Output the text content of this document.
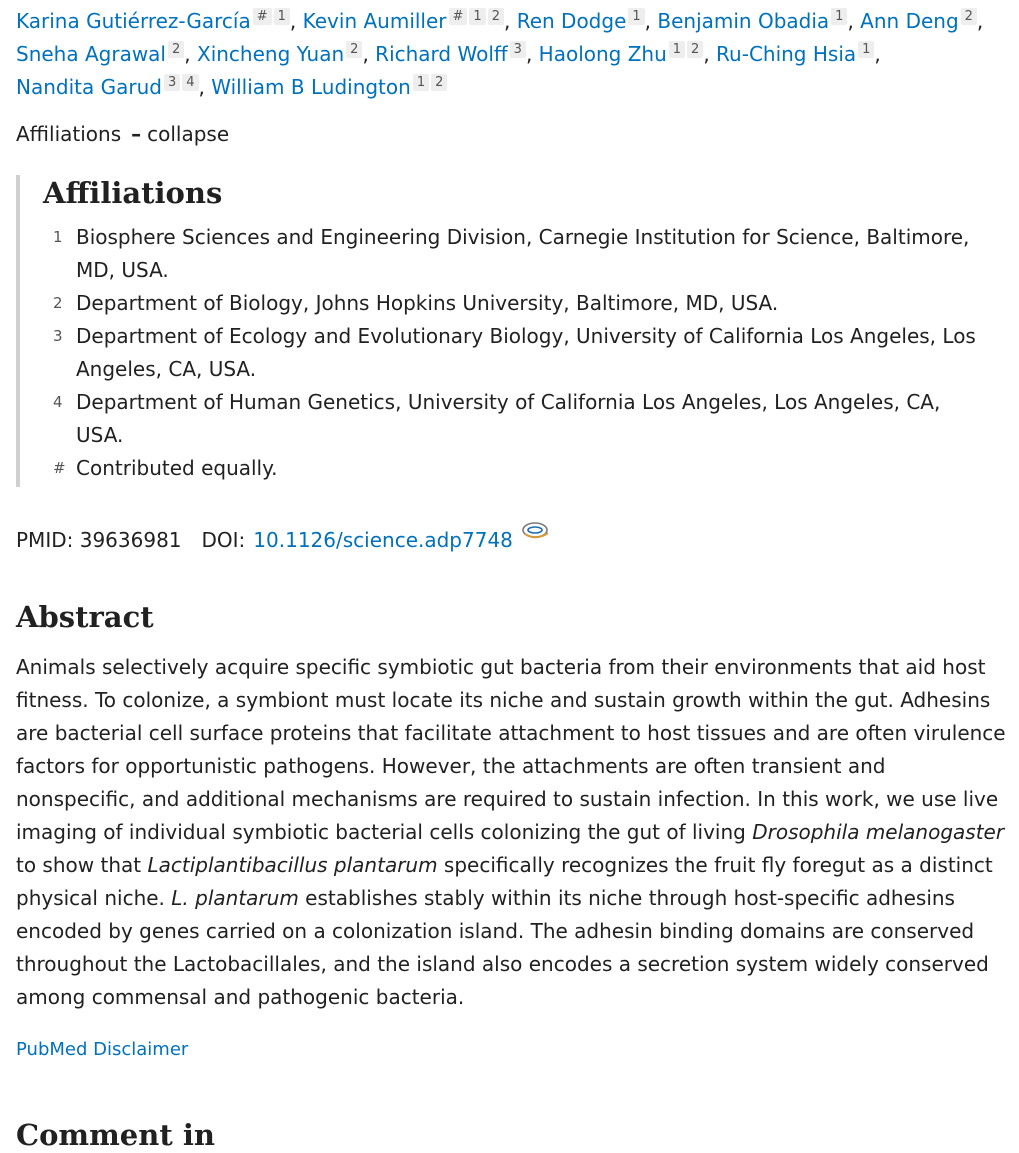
Karina Gutiérrez-García # 1 , Kevin Aumiller # 1 2 , Ren Dodge 1 , Benjamin Obadia 1 , Ann Deng 2 ,
Sneha Agrawal 2 , Xincheng Yuan 2 , Richard Wolff 3 , Haolong Zhu 1 2 , Ru-Ching Hsia 1 ,
Nandita Garud 3 4 , William B Ludington 1 2
Affiliations – collapse
Affiliations
1 Biosphere Sciences and Engineering Division, Carnegie Institution for Science, Baltimore, MD, USA.
2 Department of Biology, Johns Hopkins University, Baltimore, MD, USA.
3 Department of Ecology and Evolutionary Biology, University of California Los Angeles, Los Angeles, CA, USA.
4 Department of Human Genetics, University of California Los Angeles, Los Angeles, CA, USA.
# Contributed equally.
PMID:
39636981 DOI: 10.1126/science.adp7748
Abstract
Animals selectively acquire specific symbiotic gut bacteria from their environments that aid host fitness. To colonize, a symbiont must locate its niche and sustain growth within the gut. Adhesins are bacterial cell surface proteins that facilitate attachment to host tissues and are often virulence factors for opportunistic pathogens. However, the attachments are often transient and nonspecific, and additional mechanisms are required to sustain infection. In this work, we use live imaging of individual symbiotic bacterial cells colonizing the gut of living Drosophila melanogaster to show that Lactiplantibacillus plantarum specifically recognizes the fruit fly foregut as a distinct physical niche. L. plantarum establishes stably within its niche through host-specific adhesins encoded by genes carried on a colonization island. The adhesin binding domains are conserved throughout the Lactobacillales, and the island also encodes a secretion system widely conserved among commensal and pathogenic bacteria.
PubMed Disclaimer
Comment in
